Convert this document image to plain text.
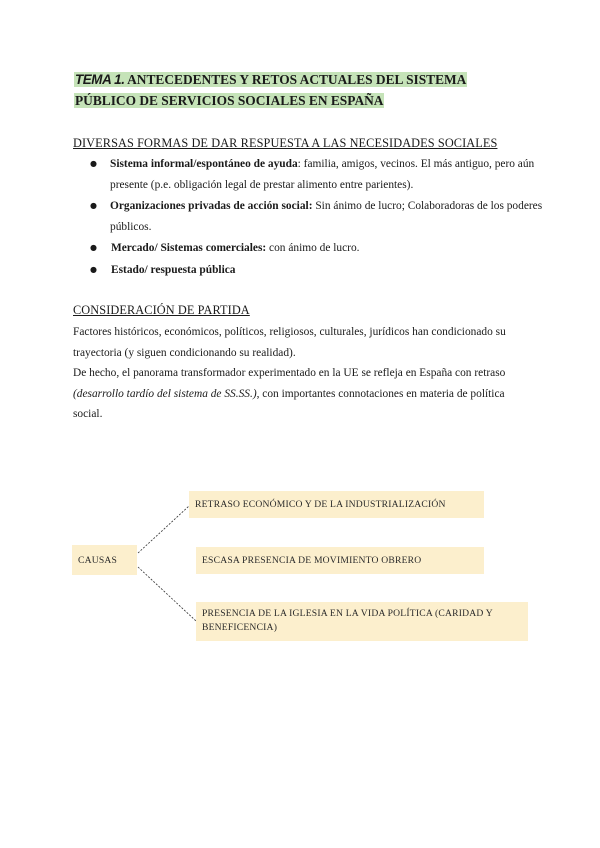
TEMA 1. ANTECEDENTES Y RETOS ACTUALES DEL SISTEMA
PÚBLICO DE SERVICIOS SOCIALES EN ESPAÑA
DIVERSAS FORMAS DE DAR RESPUESTA A LAS NECESIDADES SOCIALES
● Sistema informal/espontáneo de ayuda: familia, amigos, vecinos. El más antiguo, pero aún presente (p.e. obligación legal de prestar alimento entre parientes).
● Organizaciones privadas de acción social: Sin ánimo de lucro; Colaboradoras de los poderes públicos.
● Mercado/ Sistemas comerciales: con ánimo de lucro.
● Estado/ respuesta pública
CONSIDERACIÓN DE PARTIDA
Factores históricos, económicos, políticos, religiosos, culturales, jurídicos han condicionado su trayectoria (y siguen condicionando su realidad).
De hecho, el panorama transformador experimentado en la UE se refleja en España con retraso (desarrollo tardío del sistema de SS.SS.), con importantes connotaciones en materia de política social.
CAUSAS
RETRASO ECONÓMICO Y DE LA INDUSTRIALIZACIÓN
ESCASA PRESENCIA DE MOVIMIENTO OBRERO
PRESENCIA DE LA IGLESIA EN LA VIDA POLÍTICA (CARIDAD Y BENEFICENCIA)
